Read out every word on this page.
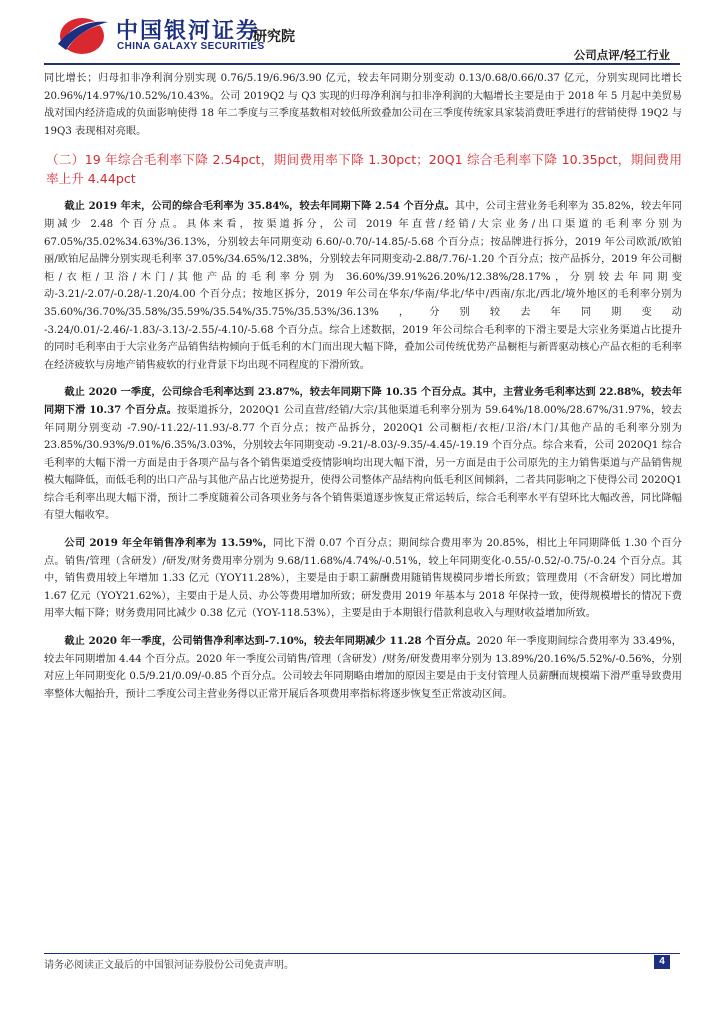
中国银河证券
CHINA GALAXY SECURITIES
研究院
公司点评/轻工行业

同比增长；归母扣非净利润分别实现 0.76/5.19/6.96/3.90 亿元，较去年同期分别变动 0.13/0.68/0.66/0.37 亿元，分别实现同比增长 20.96%/14.97%/10.52%/10.43%。公司 2019Q2 与 Q3 实现的归母净利润与扣非净利润的大幅增长主要是由于 2018 年 5 月起中美贸易战对国内经济造成的负面影响使得 18 年二季度与三季度基数相对较低所致叠加公司在三季度传统家具家装消费旺季进行的营销使得 19Q2 与 19Q3 表现相对亮眼。

（二）19 年综合毛利率下降 2.54pct，期间费用率下降 1.30pct；20Q1 综合毛利率下降 10.35pct，期间费用率上升 4.44pct

截止 2019 年末，公司的综合毛利率为 35.84%，较去年同期下降 2.54 个百分点。其中，公司主营业务毛利率为 35.82%，较去年同期减少 2.48 个百分点。具体来看，按渠道拆分，公司 2019 年直营/经销/大宗业务/出口渠道的毛利率分别为 67.05%/35.02%34.63%/36.13%，分别较去年同期变动 6.60/-0.70/-14.85/-5.68 个百分点；按品牌进行拆分，2019 年公司欧派/欧铂丽/欧铂尼品牌分别实现毛利率 37.05%/34.65%/12.38%，分别较去年同期变动-2.88/7.76/-1.20 个百分点；按产品拆分，2019 年公司橱柜/衣柜/卫浴/木门/其他产品的毛利率分别为 36.60%/39.91%26.20%/12.38%/28.17%，分别较去年同期变动-3.21/-2.07/-0.28/-1.20/4.00 个百分点；按地区拆分，2019 年公司在华东/华南/华北/华中/西南/东北/西北/境外地区的毛利率分别为 35.60%/36.70%/35.58%/35.59%/35.54%/35.75%/35.53%/36.13%，分别较去年同期变动 -3.24/0.01/-2.46/-1.83/-3.13/-2.55/-4.10/-5.68 个百分点。综合上述数据，2019 年公司综合毛利率的下滑主要是大宗业务渠道占比提升的同时毛利率由于大宗业务产品销售结构倾向于低毛利的木门而出现大幅下降，叠加公司传统优势产品橱柜与新晋驱动核心产品衣柜的毛利率在经济疲软与房地产销售疲软的行业背景下均出现不同程度的下滑所致。

截止 2020 一季度，公司综合毛利率达到 23.87%，较去年同期下降 10.35 个百分点。其中，主营业务毛利率达到 22.88%，较去年同期下滑 10.37 个百分点。按渠道拆分，2020Q1 公司直营/经销/大宗/其他渠道毛利率分别为 59.64%/18.00%/28.67%/31.97%，较去年同期分别变动 -7.90/-11.22/-11.93/-8.77 个百分点；按产品拆分，2020Q1 公司橱柜/衣柜/卫浴/木门/其他产品的毛利率分别为 23.85%/30.93%/9.01%/6.35%/3.03%，分别较去年同期变动 -9.21/-8.03/-9.35/-4.45/-19.19 个百分点。综合来看，公司 2020Q1 综合毛利率的大幅下滑一方面是由于各项产品与各个销售渠道受疫情影响均出现大幅下滑，另一方面是由于公司原先的主力销售渠道与产品销售规模大幅降低，而低毛利的出口产品与其他产品占比逆势提升，使得公司整体产品结构向低毛利区间倾斜，二者共同影响之下使得公司 2020Q1 综合毛利率出现大幅下滑，预计二季度随着公司各项业务与各个销售渠道逐步恢复正常运转后，综合毛利率水平有望环比大幅改善，同比降幅有望大幅收窄。

公司 2019 年全年销售净利率为 13.59%，同比下滑 0.07 个百分点；期间综合费用率为 20.85%，相比上年同期降低 1.30 个百分点。销售/管理（含研发）/研发/财务费用率分别为 9.68/11.68%/4.74%/-0.51%，较上年同期变化-0.55/-0.52/-0.75/-0.24 个百分点。其中，销售费用较上年增加 1.33 亿元（YOY11.28%），主要是由于职工薪酬费用随销售规模同步增长所致；管理费用（不含研发）同比增加 1.67 亿元（YOY21.62%），主要由于是人员、办公等费用增加所致；研发费用 2019 年基本与 2018 年保持一致，使得规模增长的情况下费用率大幅下降；财务费用同比减少 0.38 亿元（YOY-118.53%），主要是由于本期银行借款利息收入与理财收益增加所致。

截止 2020 年一季度，公司销售净利率达到-7.10%，较去年同期减少 11.28 个百分点。2020 年一季度期间综合费用率为 33.49%，较去年同期增加 4.44 个百分点。2020 年一季度公司销售/管理（含研发）/财务/研发费用率分别为 13.89%/20.16%/5.52%/-0.56%，分别对应上年同期变化 0.5/9.21/0.09/-0.85 个百分点。公司较去年同期略由增加的原因主要是由于支付管理人员薪酬而规模端下滑严重导致费用率整体大幅抬升，预计二季度公司主营业务得以正常开展后各项费用率指标将逐步恢复至正常波动区间。

请务必阅读正文最后的中国银河证券股份公司免责声明。	4
